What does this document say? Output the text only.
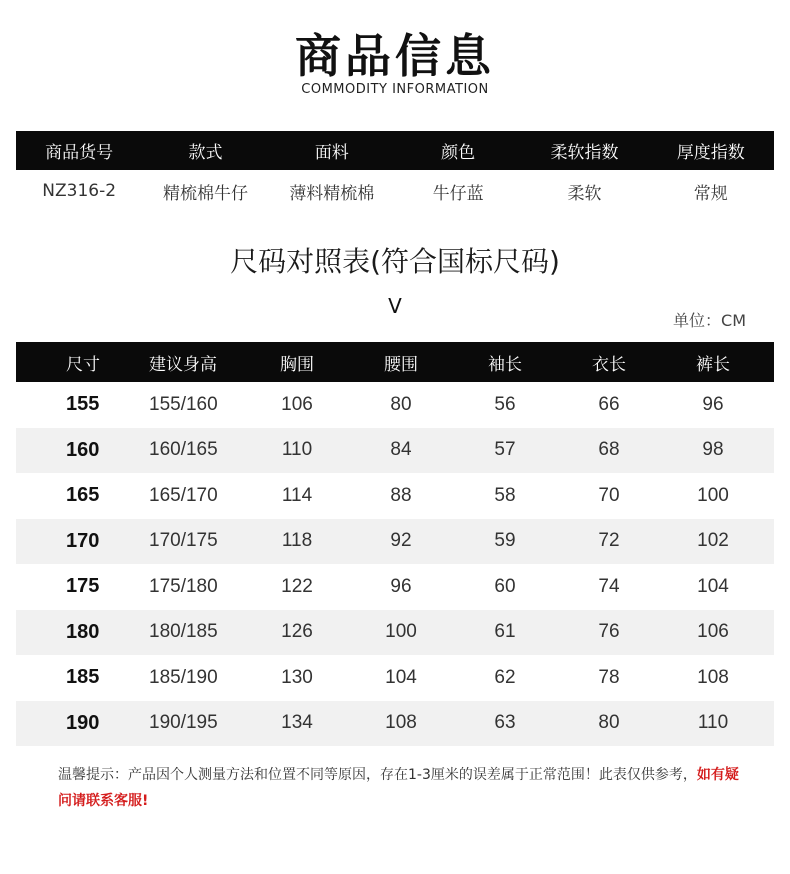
商品信息
COMMODITY INFORMATION
商品货号	款式	面料	颜色	柔软指数	厚度指数
NZ316-2	精梳棉牛仔	薄料精梳棉	牛仔蓝	柔软	常规
尺码对照表(符合国标尺码)
V
单位：CM
尺寸	建议身高	胸围	腰围	袖长	衣长	裤长
155	155/160	106	80	56	66	96
160	160/165	110	84	57	68	98
165	165/170	114	88	58	70	100
170	170/175	118	92	59	72	102
175	175/180	122	96	60	74	104
180	180/185	126	100	61	76	106
185	185/190	130	104	62	78	108
190	190/195	134	108	63	80	110
温馨提示：产品因个人测量方法和位置不同等原因，存在1-3厘米的误差属于正常范围！此表仅供参考，如有疑问请联系客服!
